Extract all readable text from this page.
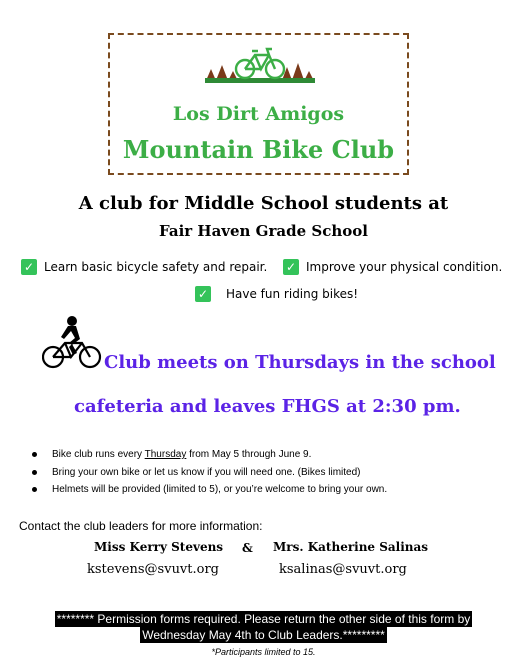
Los Dirt Amigos
Mountain Bike Club
A club for Middle School students at
Fair Haven Grade School
✓ Learn basic bicycle safety and repair. ✓ Improve your physical condition.
✓ Have fun riding bikes!
Club meets on Thursdays in the school
cafeteria and leaves FHGS at 2:30 pm.
Bike club runs every Thursday from May 5 through June 9.
Bring your own bike or let us know if you will need one. (Bikes limited)
Helmets will be provided (limited to 5), or you’re welcome to bring your own.
Contact the club leaders for more information:
Miss Kerry Stevens & Mrs. Katherine Salinas
kstevens@svuvt.org	ksalinas@svuvt.org
******** Permission forms required. Please return the other side of this form by
Wednesday May 4th to Club Leaders.*********
*Participants limited to 15.
